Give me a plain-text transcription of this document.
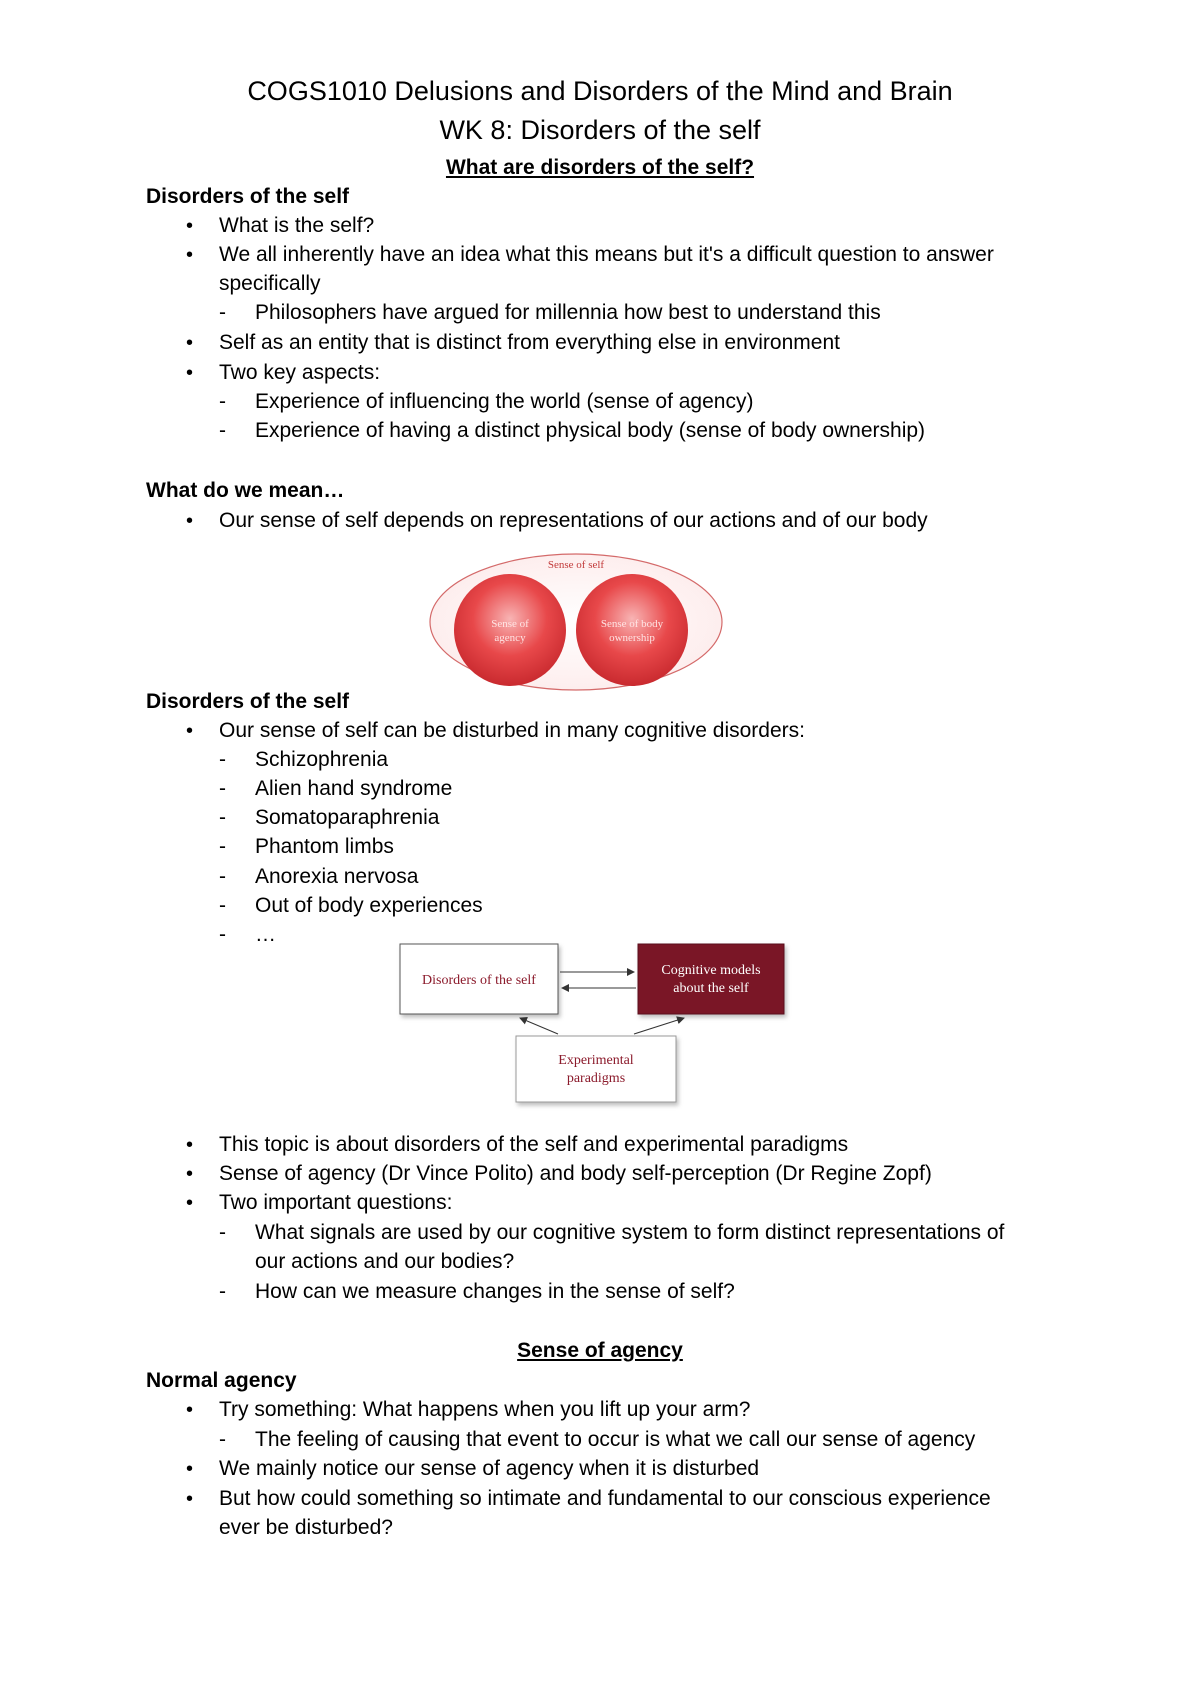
COGS1010 Delusions and Disorders of the Mind and Brain
WK 8: Disorders of the self
What are disorders of the self?
Disorders of the self
• What is the self?
• We all inherently have an idea what this means but it's a difficult question to answer
specifically
- Philosophers have argued for millennia how best to understand this
• Self as an entity that is distinct from everything else in environment
• Two key aspects:
- Experience of influencing the world (sense of agency)
- Experience of having a distinct physical body (sense of body ownership)
What do we mean…
• Our sense of self depends on representations of our actions and of our body
Sense of self
Sense of
agency
Sense of body
ownership
Disorders of the self
• Our sense of self can be disturbed in many cognitive disorders:
- Schizophrenia
- Alien hand syndrome
- Somatoparaphrenia
- Phantom limbs
- Anorexia nervosa
- Out of body experiences
- …
Disorders of the self
Cognitive models
about the self
Experimental
paradigms
• This topic is about disorders of the self and experimental paradigms
• Sense of agency (Dr Vince Polito) and body self-perception (Dr Regine Zopf)
• Two important questions:
- What signals are used by our cognitive system to form distinct representations of
our actions and our bodies?
- How can we measure changes in the sense of self?
Sense of agency
Normal agency
• Try something: What happens when you lift up your arm?
- The feeling of causing that event to occur is what we call our sense of agency
• We mainly notice our sense of agency when it is disturbed
• But how could something so intimate and fundamental to our conscious experience
ever be disturbed?
